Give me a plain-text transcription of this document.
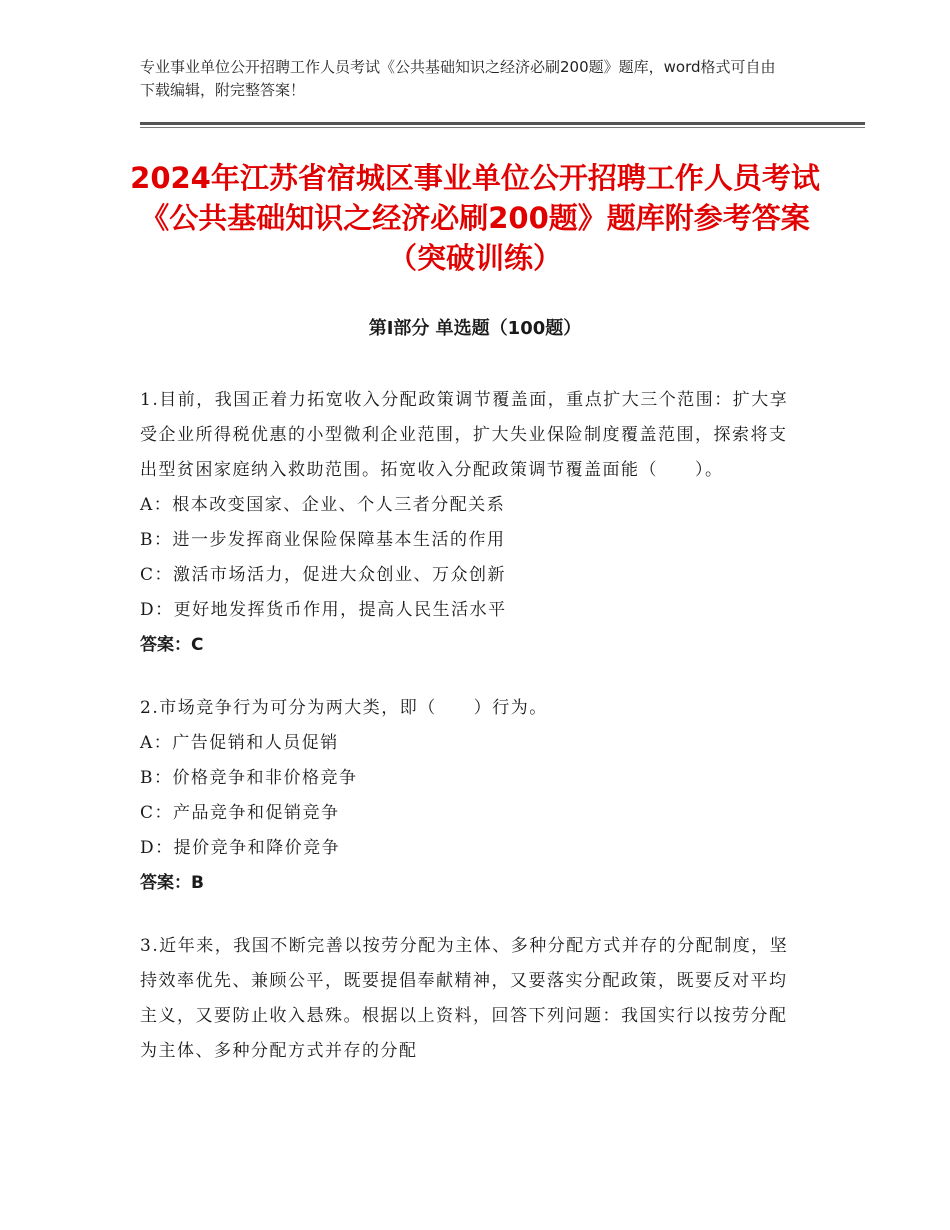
专业事业单位公开招聘工作人员考试《公共基础知识之经济必刷200题》题库，word格式可自由下载编辑，附完整答案！
2024年江苏省宿城区事业单位公开招聘工作人员考试《公共基础知识之经济必刷200题》题库附参考答案（突破训练）
第Ⅰ部分 单选题（100题）

1.目前，我国正着力拓宽收入分配政策调节覆盖面，重点扩大三个范围：扩大享受企业所得税优惠的小型微利企业范围，扩大失业保险制度覆盖范围，探索将支出型贫困家庭纳入救助范围。拓宽收入分配政策调节覆盖面能（　　）。

A：根本改变国家、企业、个人三者分配关系

B：进一步发挥商业保险保障基本生活的作用

C：激活市场活力，促进大众创业、万众创新

D：更好地发挥货币作用，提高人民生活水平

答案：C

2.市场竞争行为可分为两大类，即（　　）行为。

A：广告促销和人员促销

B：价格竞争和非价格竞争

C：产品竞争和促销竞争

D：提价竞争和降价竞争

答案：B

3.近年来，我国不断完善以按劳分配为主体、多种分配方式并存的分配制度，坚持效率优先、兼顾公平，既要提倡奉献精神，又要落实分配政策，既要反对平均主义，又要防止收入悬殊。根据以上资料，回答下列问题：我国实行以按劳分配为主体、多种分配方式并存的分配
